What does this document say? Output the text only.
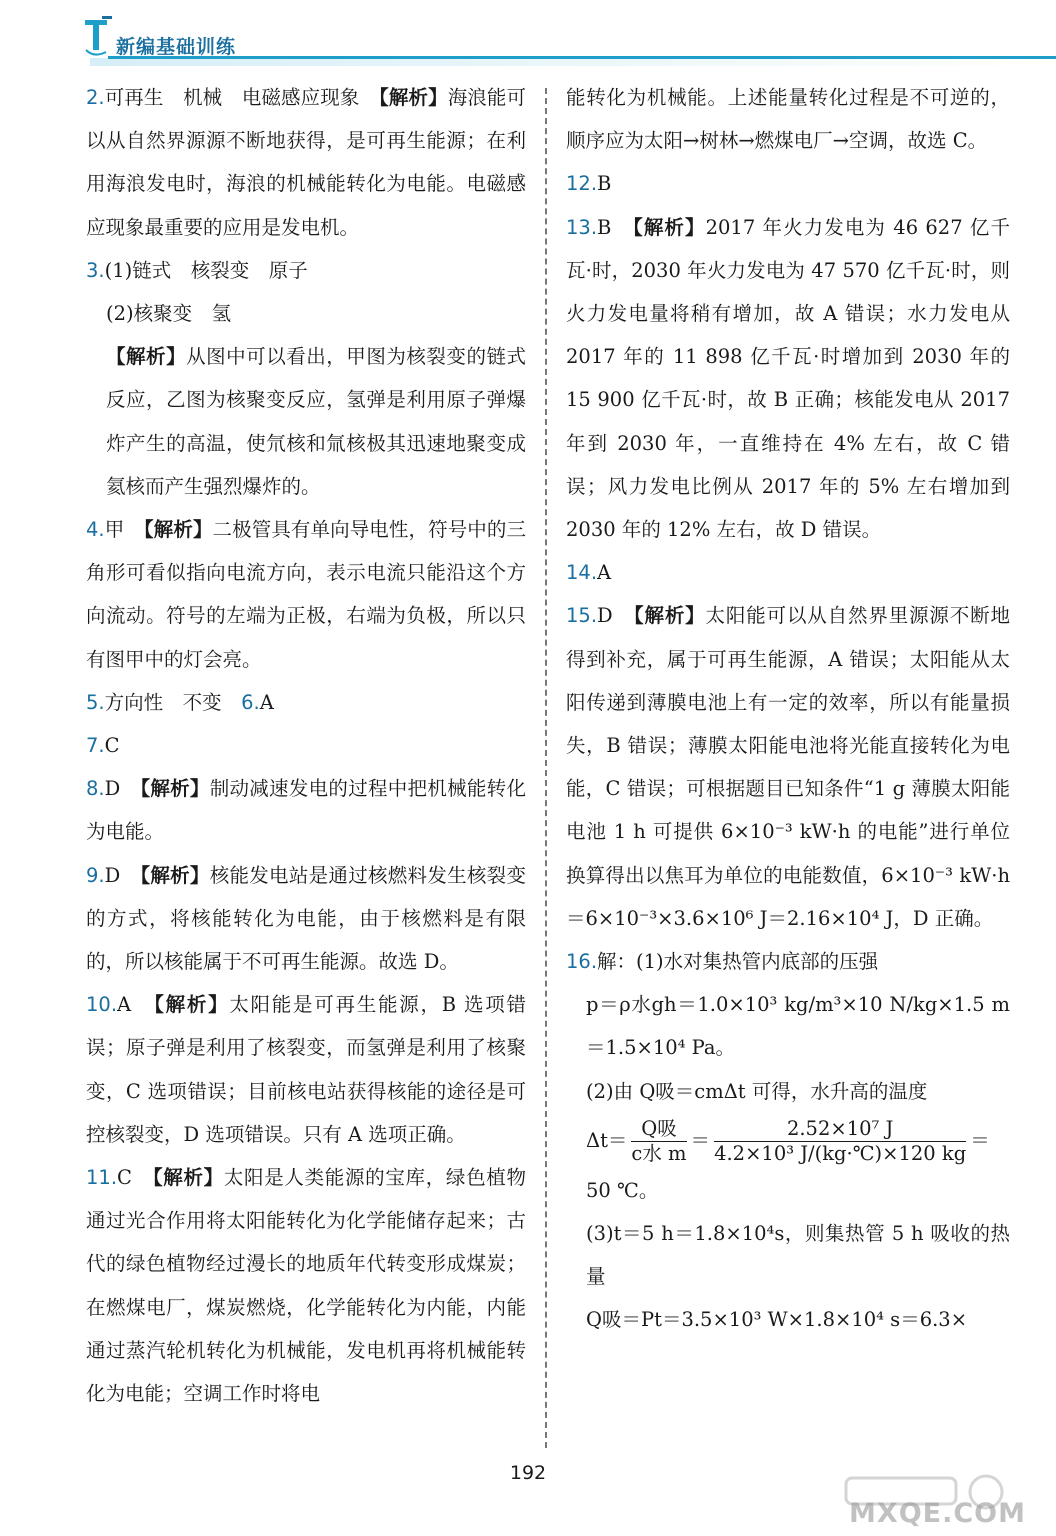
新编基础训练

2.可再生　机械　电磁感应现象　【解析】海浪能可以从自然界源源不断地获得，是可再生能源；在利用海浪发电时，海浪的机械能转化为电能。电磁感应现象最重要的应用是发电机。

3.(1)链式　核裂变　原子

(2)核聚变　氢

【解析】从图中可以看出，甲图为核裂变的链式反应，乙图为核聚变反应，氢弹是利用原子弹爆炸产生的高温，使氘核和氚核极其迅速地聚变成氦核而产生强烈爆炸的。

4.甲　【解析】二极管具有单向导电性，符号中的三角形可看似指向电流方向，表示电流只能沿这个方向流动。符号的左端为正极，右端为负极，所以只有图甲中的灯会亮。

5.方向性　不变　6.A

7.C

8.D　【解析】制动减速发电的过程中把机械能转化为电能。

9.D　【解析】核能发电站是通过核燃料发生核裂变的方式，将核能转化为电能，由于核燃料是有限的，所以核能属于不可再生能源。故选 D。

10.A　【解析】太阳能是可再生能源，B 选项错误；原子弹是利用了核裂变，而氢弹是利用了核聚变，C 选项错误；目前核电站获得核能的途径是可控核裂变，D 选项错误。只有 A 选项正确。

11.C　【解析】太阳是人类能源的宝库，绿色植物通过光合作用将太阳能转化为化学能储存起来；古代的绿色植物经过漫长的地质年代转变形成煤炭；在燃煤电厂，煤炭燃烧，化学能转化为内能，内能通过蒸汽轮机转化为机械能，发电机再将机械能转化为电能；空调工作时将电

能转化为机械能。上述能量转化过程是不可逆的，顺序应为太阳→树林→燃煤电厂→空调，故选 C。

12.B

13.B　【解析】2017 年火力发电为 46 627 亿千瓦·时，2030 年火力发电为 47 570 亿千瓦·时，则火力发电量将稍有增加，故 A 错误；水力发电从 2017 年的 11 898 亿千瓦·时增加到 2030 年的 15 900 亿千瓦·时，故 B 正确；核能发电从 2017 年到 2030 年，一直维持在 4% 左右，故 C 错误；风力发电比例从 2017 年的 5% 左右增加到 2030 年的 12% 左右，故 D 错误。

14.A

15.D　【解析】太阳能可以从自然界里源源不断地得到补充，属于可再生能源，A 错误；太阳能从太阳传递到薄膜电池上有一定的效率，所以有能量损失，B 错误；薄膜太阳能电池将光能直接转化为电能，C 错误；可根据题目已知条件“1 g 薄膜太阳能电池 1 h 可提供 6×10⁻³ kW·h 的电能”进行单位换算得出以焦耳为单位的电能数值，6×10⁻³ kW·h＝6×10⁻³×3.6×10⁶ J＝2.16×10⁴ J，D 正确。

16.解：(1)水对集热管内底部的压强

p＝ρ水gh＝1.0×10³ kg/m³×10 N/kg×1.5 m＝1.5×10⁴ Pa。

(2)由 Q吸＝cmΔt 可得，水升高的温度

$\Delta t= \frac{\text{Q吸}}{\text{c水 m}} = \frac{\text{2.52×10⁷ J}}{\text{4.2×10³ J/(kg·℃)×120 kg}}$ ＝

50 ℃。

(3)t＝5 h＝1.8×10⁴s，则集热管 5 h 吸收的热量

Q吸＝Pt＝3.5×10³ W×1.8×10⁴ s＝6.3×

192
MXQE.COM
